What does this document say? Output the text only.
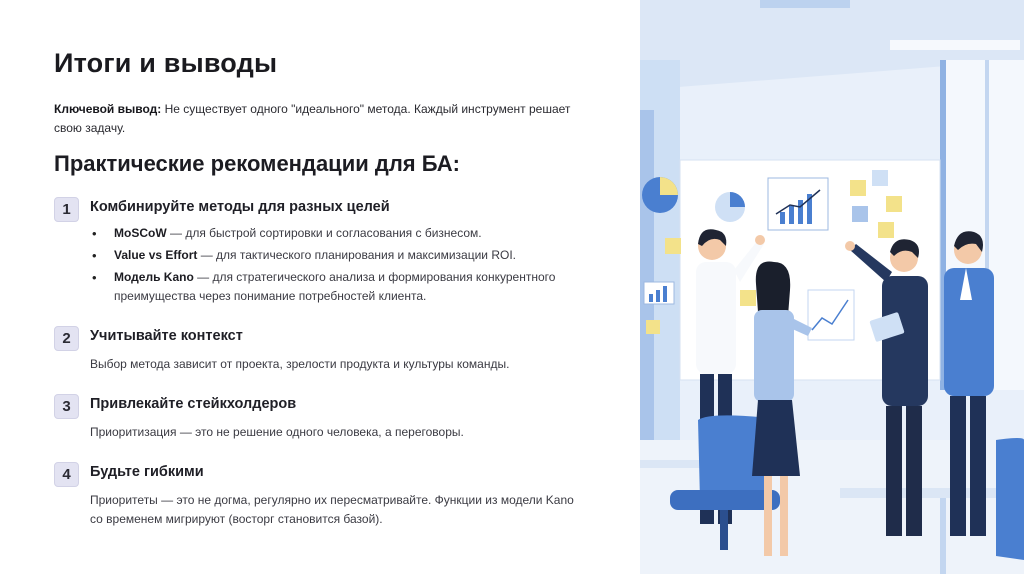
Итоги и выводы
Ключевой вывод: Не существует одного "идеального" метода. Каждый инструмент решает свою задачу.
Практические рекомендации для БА:
1	Комбинируйте методы для разных целей
• MoSCoW — для быстрой сортировки и согласования с бизнесом.
• Value vs Effort — для тактического планирования и максимизации ROI.
• Модель Kano — для стратегического анализа и формирования конкурентного преимущества через понимание потребностей клиента.
2	Учитывайте контекст
Выбор метода зависит от проекта, зрелости продукта и культуры команды.
3	Привлекайте стейкхолдеров
Приоритизация — это не решение одного человека, а переговоры.
4	Будьте гибкими
Приоритеты — это не догма, регулярно их пересматривайте. Функции из модели Kano со временем мигрируют (восторг становится базой).
